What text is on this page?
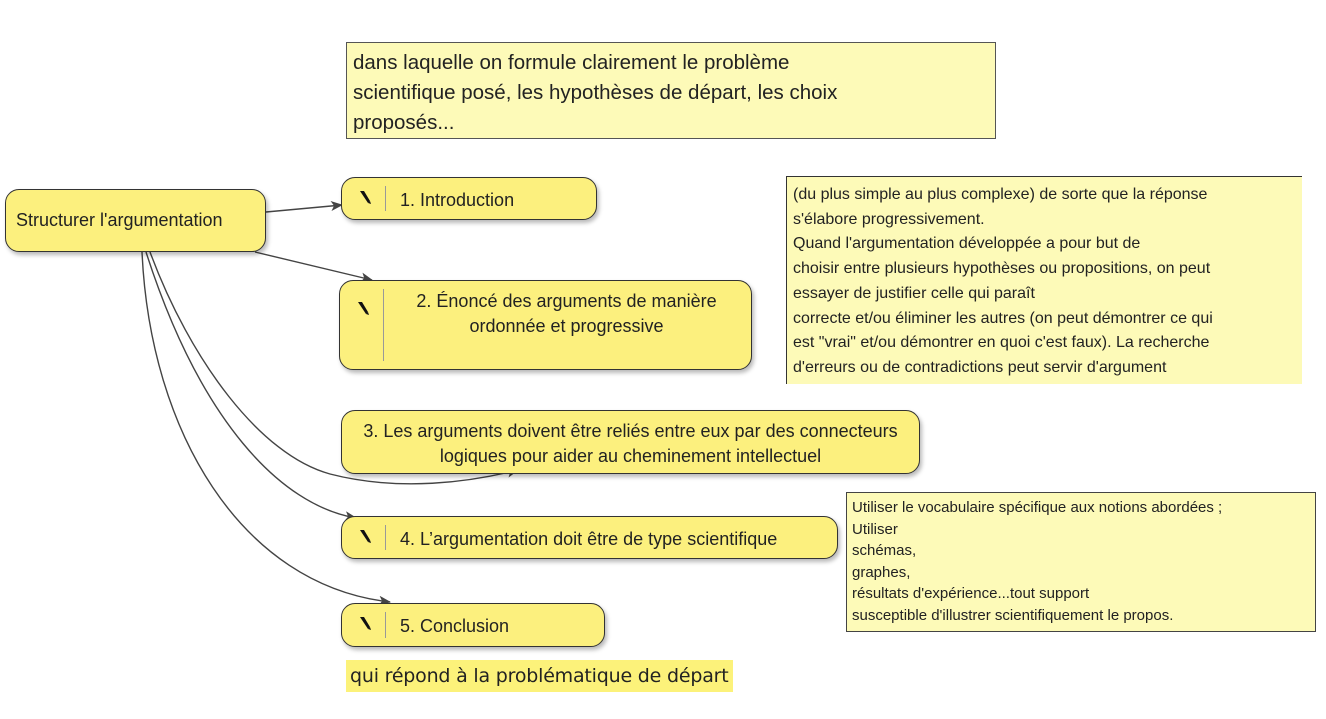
Structurer l'argumentation
1. Introduction
2. Énoncé des arguments de manière ordonnée et progressive
3. Les arguments doivent être reliés entre eux par des connecteurs logiques pour aider au cheminement intellectuel
4. L’argumentation doit être de type scientifique
5. Conclusion
dans laquelle on formule clairement le problème
scientifique posé, les hypothèses de départ, les choix
proposés...
(du plus simple au plus complexe) de sorte que la réponse
s'élabore progressivement.
Quand l'argumentation développée a pour but de
choisir entre plusieurs hypothèses ou propositions, on peut
essayer de justifier celle qui paraît
correcte et/ou éliminer les autres (on peut démontrer ce qui
est "vrai" et/ou démontrer en quoi c'est faux). La recherche
d'erreurs ou de contradictions peut servir d'argument
Utiliser le vocabulaire spécifique aux notions abordées ;
Utiliser
schémas,
graphes,
résultats d'expérience...tout support
susceptible d'illustrer scientifiquement le propos.
qui répond à la problématique de départ
